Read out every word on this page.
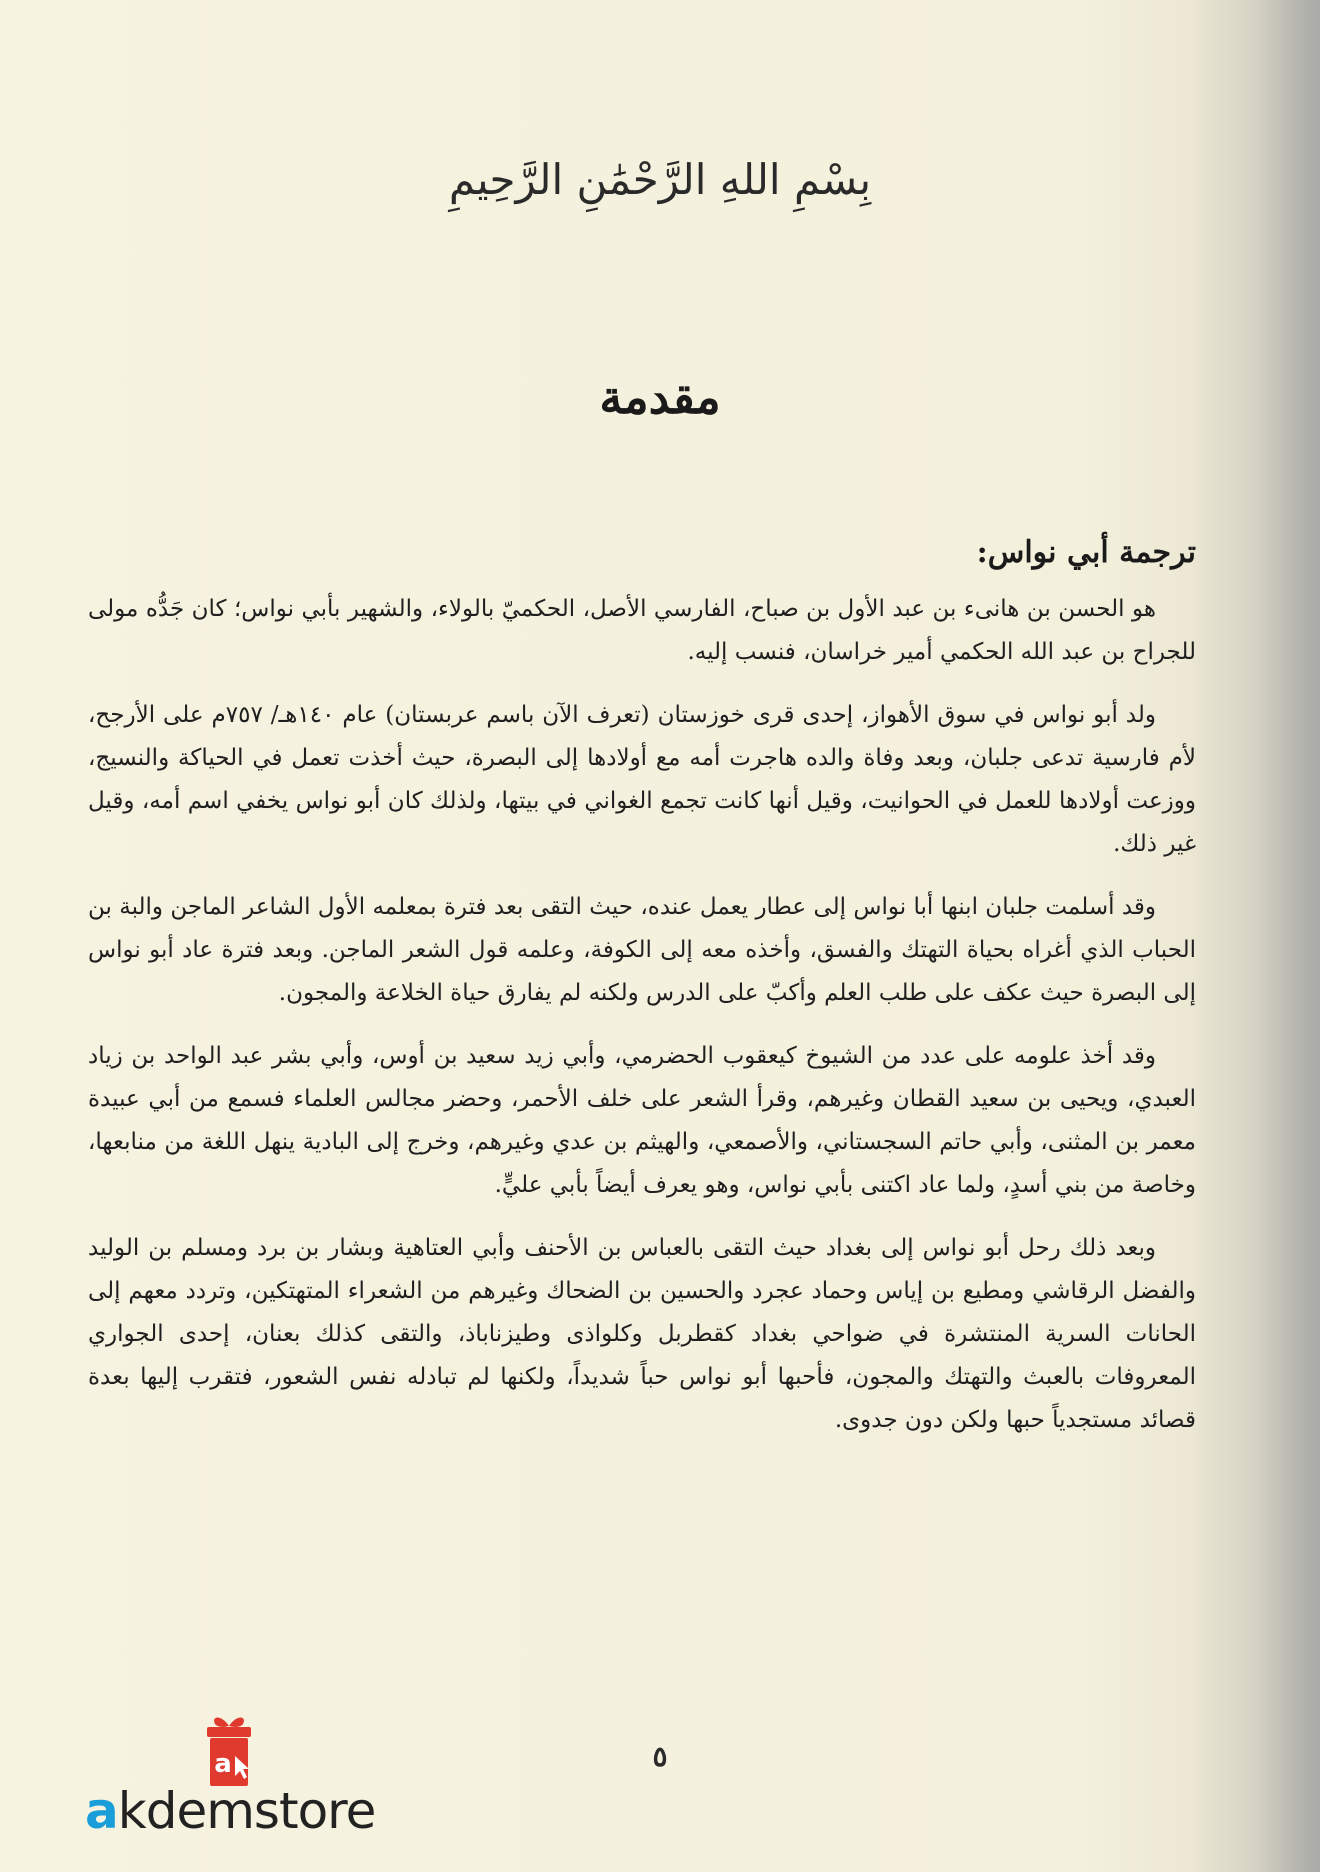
بِسْمِ اللهِ الرَّحْمَٰنِ الرَّحِيمِ
مقدمة
ترجمة أبي نواس:

هو الحسن بن هانىء بن عبد الأول بن صباح، الفارسي الأصل، الحكميّ بالولاء، والشهير بأبي نواس؛ كان جَدُّه مولى للجراح بن عبد الله الحكمي أمير خراسان، فنسب إليه.

ولد أبو نواس في سوق الأهواز، إحدى قرى خوزستان (تعرف الآن باسم عربستان) عام ١٤٠هـ/ ٧٥٧م على الأرجح، لأم فارسية تدعى جلبان، وبعد وفاة والده هاجرت أمه مع أولادها إلى البصرة، حيث أخذت تعمل في الحياكة والنسيج، ووزعت أولادها للعمل في الحوانيت، وقيل أنها كانت تجمع الغواني في بيتها، ولذلك كان أبو نواس يخفي اسم أمه، وقيل غير ذلك.

وقد أسلمت جلبان ابنها أبا نواس إلى عطار يعمل عنده، حيث التقى بعد فترة بمعلمه الأول الشاعر الماجن والبة بن الحباب الذي أغراه بحياة التهتك والفسق، وأخذه معه إلى الكوفة، وعلمه قول الشعر الماجن. وبعد فترة عاد أبو نواس إلى البصرة حيث عكف على طلب العلم وأكبّ على الدرس ولكنه لم يفارق حياة الخلاعة والمجون.

وقد أخذ علومه على عدد من الشيوخ كيعقوب الحضرمي، وأبي زيد سعيد بن أوس، وأبي بشر عبد الواحد بن زياد العبدي، ويحيى بن سعيد القطان وغيرهم، وقرأ الشعر على خلف الأحمر، وحضر مجالس العلماء فسمع من أبي عبيدة معمر بن المثنى، وأبي حاتم السجستاني، والأصمعي، والهيثم بن عدي وغيرهم، وخرج إلى البادية ينهل اللغة من منابعها، وخاصة من بني أسدٍ، ولما عاد اكتنى بأبي نواس، وهو يعرف أيضاً بأبي عليٍّ.

وبعد ذلك رحل أبو نواس إلى بغداد حيث التقى بالعباس بن الأحنف وأبي العتاهية وبشار بن برد ومسلم بن الوليد والفضل الرقاشي ومطيع بن إياس وحماد عجرد والحسين بن الضحاك وغيرهم من الشعراء المتهتكين، وتردد معهم إلى الحانات السرية المنتشرة في ضواحي بغداد كقطربل وكلواذى وطيزناباذ، والتقى كذلك بعنان، إحدى الجواري المعروفات بالعبث والتهتك والمجون، فأحبها أبو نواس حباً شديداً، ولكنها لم تبادله نفس الشعور، فتقرب إليها بعدة قصائد مستجدياً حبها ولكن دون جدوى.

٥
a
akdemstore
